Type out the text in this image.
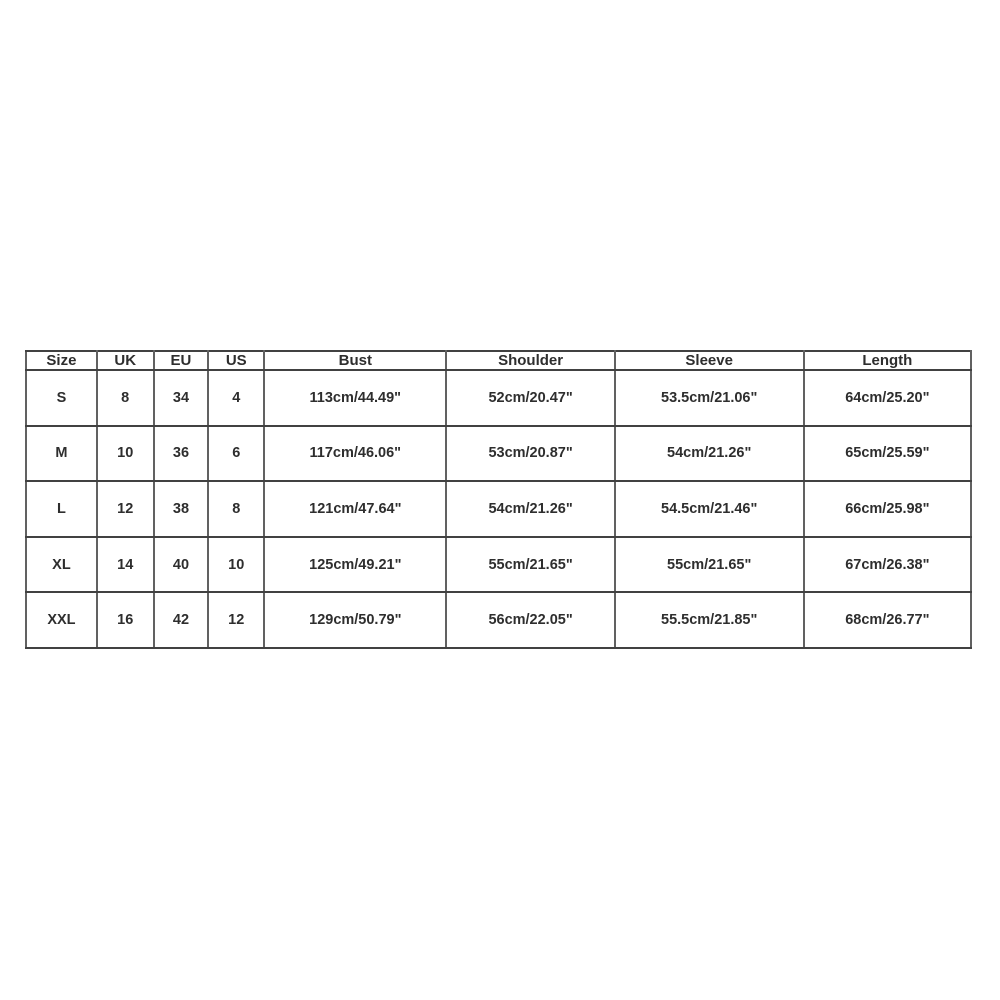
Size	UK	EU	US	Bust	Shoulder	Sleeve	Length
S	8	34	4	113cm/44.49"	52cm/20.47"	53.5cm/21.06"	64cm/25.20"
M	10	36	6	117cm/46.06"	53cm/20.87"	54cm/21.26"	65cm/25.59"
L	12	38	8	121cm/47.64"	54cm/21.26"	54.5cm/21.46"	66cm/25.98"
XL	14	40	10	125cm/49.21"	55cm/21.65"	55cm/21.65"	67cm/26.38"
XXL	16	42	12	129cm/50.79"	56cm/22.05"	55.5cm/21.85"	68cm/26.77"
